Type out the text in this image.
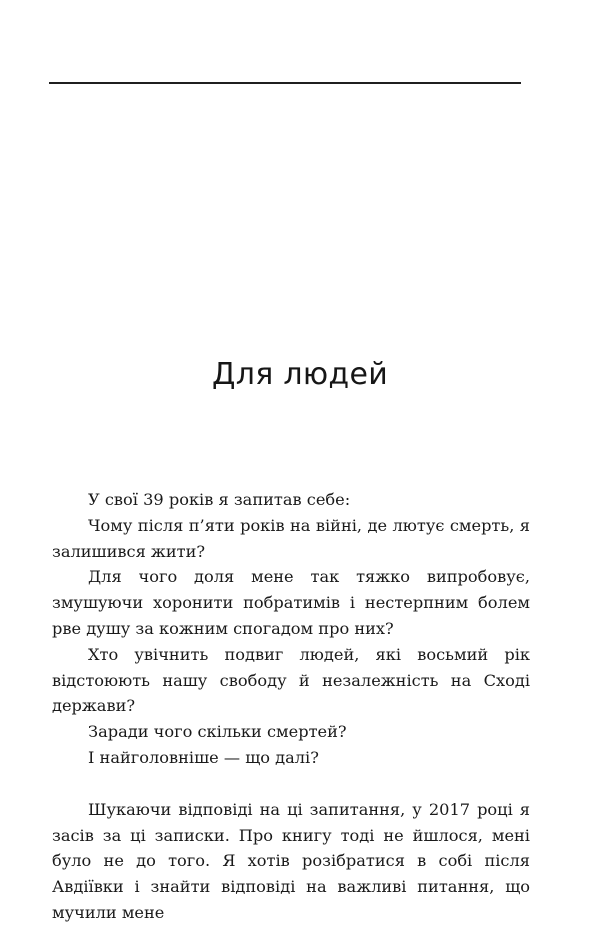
Для людей

У свої 39 років я запитав себе:

Чому після п’яти років на війні, де лютує смерть, я залишився жити?

Для чого доля мене так тяжко випробовує, змушуючи хоронити побратимів і нестерпним болем рве душу за кожним спогадом про них?

Хто увічнить подвиг людей, які восьмий рік відстоюють нашу свободу й незалежність на Сході держави?

Заради чого скільки смертей?

І найголовніше — що далі?

Шукаючи відповіді на ці запитання, у 2017 році я засів за ці записки. Про книгу тоді не йшлося, мені було не до того. Я хотів розібратися в собі після Авдіївки і знайти відповіді на важливі питання, що мучили мене
